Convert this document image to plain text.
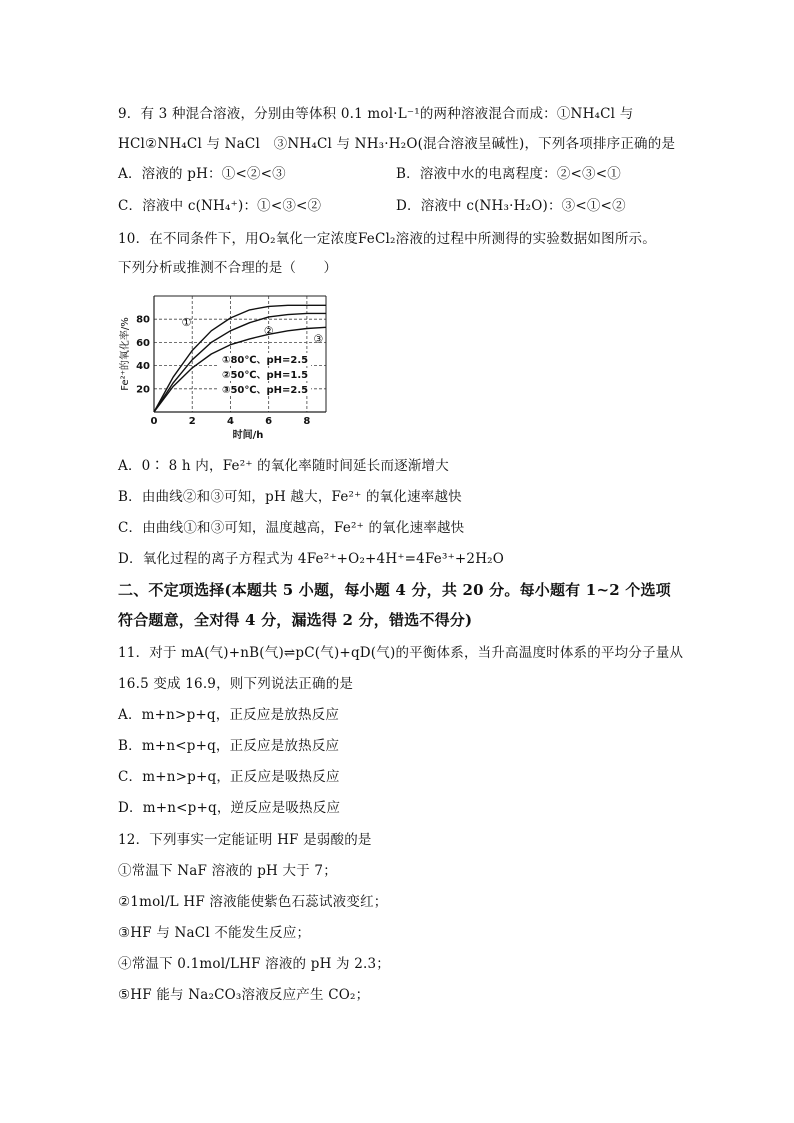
9．有 3 种混合溶液，分别由等体积 0.1 mol·L⁻¹的两种溶液混合而成：①NH₄Cl 与
HCl②NH₄Cl 与 NaCl　③NH₄Cl 与 NH₃·H₂O(混合溶液呈碱性)，下列各项排序正确的是
A．溶液的 pH：①<②<③	B．溶液中水的电离程度：②<③<①
C．溶液中 c(NH₄⁺)：①<③<②	D．溶液中 c(NH₃·H₂O)：③<①<②
10．在不同条件下，用O₂氧化一定浓度FeCl₂溶液的过程中所测得的实验数据如图所示。
下列分析或推测不合理的是（　　）
0	2	4	6	8
20
40
60
80	①
②
③
Fe²⁺的氧化率/%
时间/h
①80℃、pH=2.5
②50℃、pH=1.5
③50℃、pH=2.5
A．0∶ 8 h 内，Fe²⁺ 的氧化率随时间延长而逐渐增大
B．由曲线②和③可知，pH 越大，Fe²⁺ 的氧化速率越快
C．由曲线①和③可知，温度越高，Fe²⁺ 的氧化速率越快
D．氧化过程的离子方程式为 4Fe²⁺+O₂+4H⁺=4Fe³⁺+2H₂O
二、不定项选择(本题共 5 小题，每小题 4 分，共 20 分。每小题有 1~2 个选项
符合题意，全对得 4 分，漏选得 2 分，错选不得分)
11．对于 mA(气)+nB(气)⇌pC(气)+qD(气)的平衡体系，当升高温度时体系的平均分子量从
16.5 变成 16.9，则下列说法正确的是
A．m+n>p+q，正反应是放热反应
B．m+n<p+q，正反应是放热反应
C．m+n>p+q，正反应是吸热反应
D．m+n<p+q，逆反应是吸热反应
12．下列事实一定能证明 HF 是弱酸的是
①常温下 NaF 溶液的 pH 大于 7；
②1mol/L HF 溶液能使紫色石蕊试液变红；
③HF 与 NaCl 不能发生反应；
④常温下 0.1mol/LHF 溶液的 pH 为 2.3；
⑤HF 能与 Na₂CO₃溶液反应产生 CO₂；
